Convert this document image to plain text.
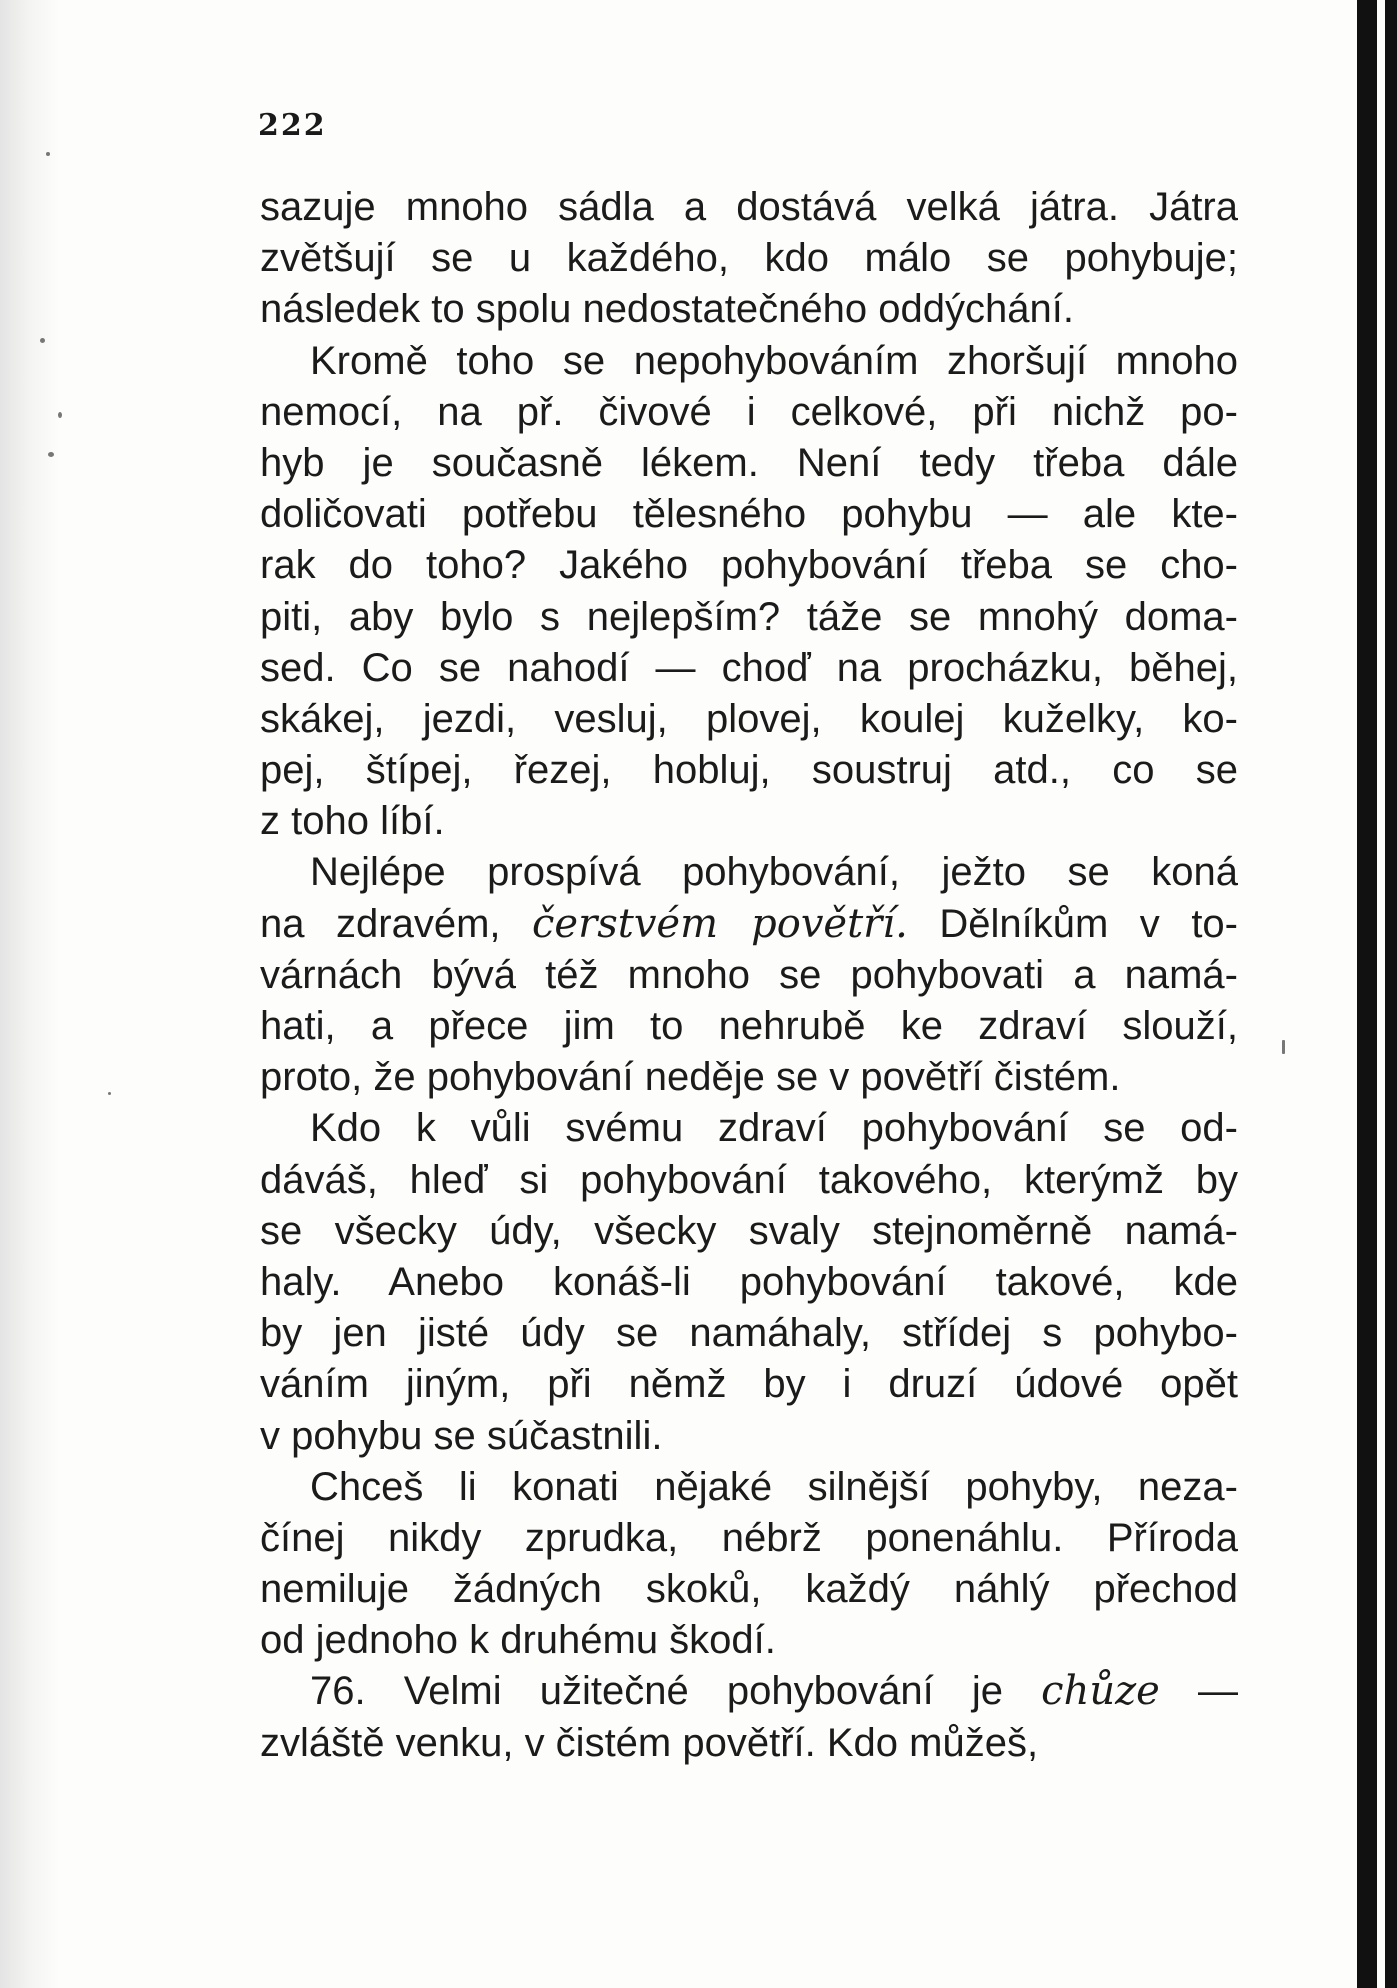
222
sazuje mnoho sádla a dostává velká játra. Játra
zvětšují se u každého, kdo málo se pohybuje;
následek to spolu nedostatečného oddýchání.
Kromě toho se nepohybováním zhoršují mnoho
nemocí, na př. čivové i celkové, při nichž po-
hyb je současně lékem. Není tedy třeba dále
doličovati potřebu tělesného pohybu — ale kte-
rak do toho? Jakého pohybování třeba se cho-
piti, aby bylo s nejlepším? táže se mnohý doma-
sed. Co se nahodí — choď na procházku, běhej,
skákej, jezdi, vesluj, plovej, koulej kuželky, ko-
pej, štípej, řezej, hobluj, soustruj atd., co se
z toho líbí.
Nejlépe prospívá pohybování, ježto se koná
na zdravém, čerstvém povětří. Dělníkům v to-
várnách bývá též mnoho se pohybovati a namá-
hati, a přece jim to nehrubě ke zdraví slouží,
proto, že pohybování neděje se v povětří čistém.
Kdo k vůli svému zdraví pohybování se od-
dáváš, hleď si pohybování takového, kterýmž by
se všecky údy, všecky svaly stejnoměrně namá-
haly. Anebo konáš-li pohybování takové, kde
by jen jisté údy se namáhaly, střídej s pohybo-
váním jiným, při němž by i druzí údové opět
v pohybu se súčastnili.
Chceš li konati nějaké silnější pohyby, neza-
čínej nikdy zprudka, nébrž ponenáhlu. Příroda
nemiluje žádných skoků, každý náhlý přechod
od jednoho k druhému škodí.
76. Velmi užitečné pohybování je chůze —
zvláště venku, v čistém povětří. Kdo můžeš,
